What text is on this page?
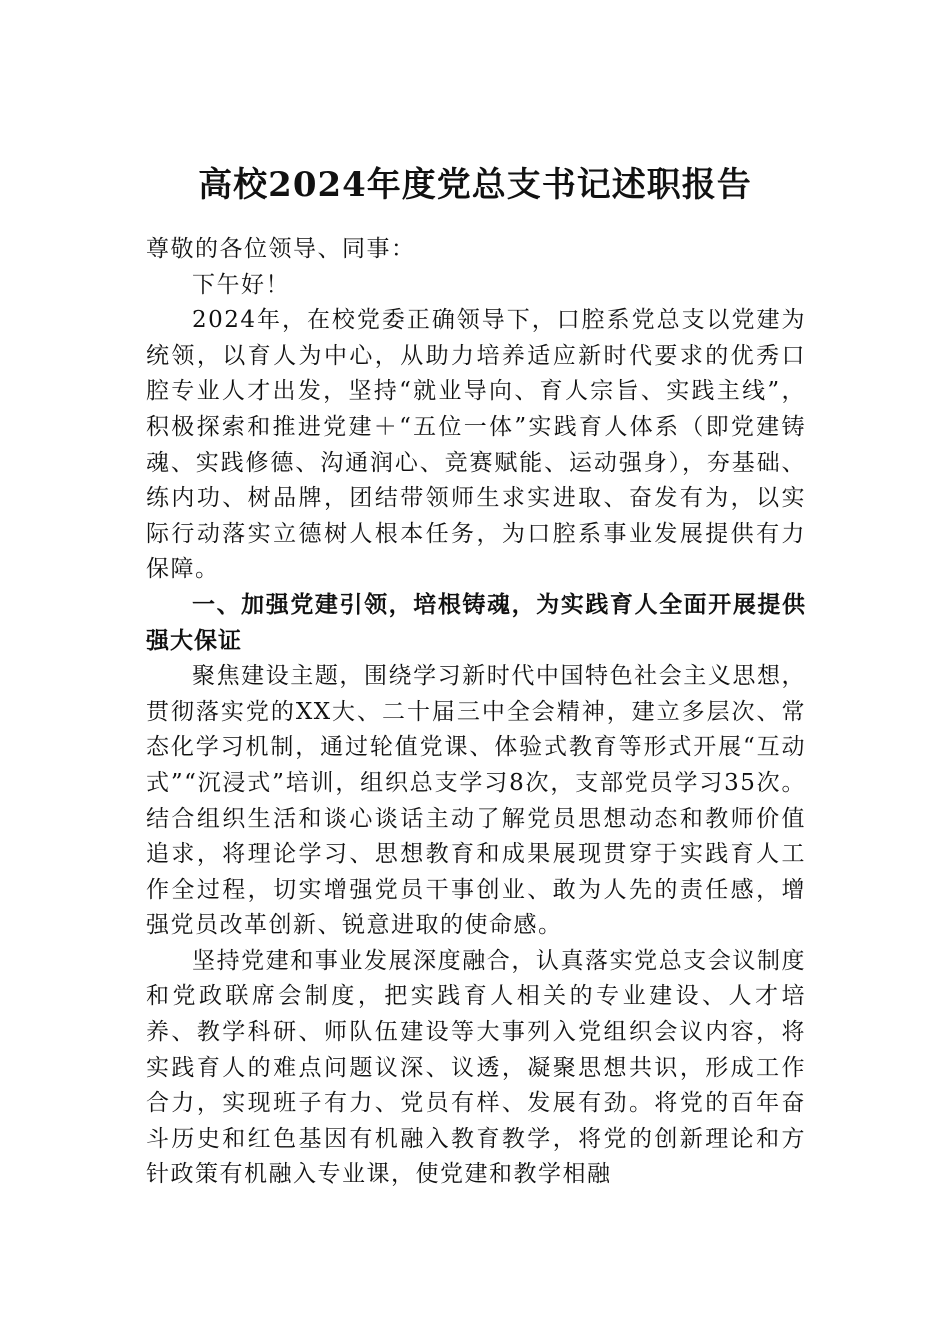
高校2024年度党总支书记述职报告

尊敬的各位领导、同事：

下午好！

2024年，在校党委正确领导下，口腔系党总支以党建为统领，以育人为中心，从助力培养适应新时代要求的优秀口腔专业人才出发，坚持“就业导向、育人宗旨、实践主线”，积极探索和推进党建＋“五位一体”实践育人体系（即党建铸魂、实践修德、沟通润心、竞赛赋能、运动强身），夯基础、练内功、树品牌，团结带领师生求实进取、奋发有为，以实际行动落实立德树人根本任务，为口腔系事业发展提供有力保障。

一、加强党建引领，培根铸魂，为实践育人全面开展提供强大保证

聚焦建设主题，围绕学习新时代中国特色社会主义思想，贯彻落实党的XX大、二十届三中全会精神，建立多层次、常态化学习机制，通过轮值党课、体验式教育等形式开展“互动式”“沉浸式”培训，组织总支学习8次，支部党员学习35次。结合组织生活和谈心谈话主动了解党员思想动态和教师价值追求，将理论学习、思想教育和成果展现贯穿于实践育人工作全过程，切实增强党员干事创业、敢为人先的责任感，增强党员改革创新、锐意进取的使命感。

坚持党建和事业发展深度融合，认真落实党总支会议制度和党政联席会制度，把实践育人相关的专业建设、人才培养、教学科研、师队伍建设等大事列入党组织会议内容，将实践育人的难点问题议深、议透，凝聚思想共识，形成工作合力，实现班子有力、党员有样、发展有劲。将党的百年奋斗历史和红色基因有机融入教育教学，将党的创新理论和方针政策有机融入专业课，使党建和教学相融
